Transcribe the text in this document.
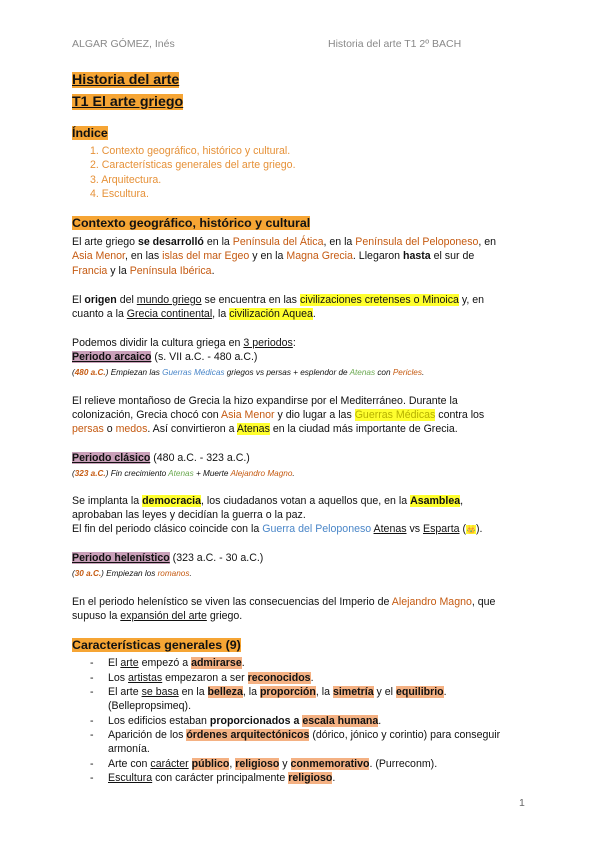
ALGAR GÓMEZ, Inés	Historia del arte T1 2º BACH
Historia del arte
T1 El arte griego
Índice
1. Contexto geográfico, histórico y cultural.
2. Características generales del arte griego.
3. Arquitectura.
4. Escultura.
Contexto geográfico, histórico y cultural
El arte griego se desarrolló en la Península del Ática, en la Península del Peloponeso, en
Asia Menor, en las islas del mar Egeo y en la Magna Grecia. Llegaron hasta el sur de
Francia y la Península Ibérica.
El origen del mundo griego se encuentra en las civilizaciones cretenses o Minoica y, en
cuanto a la Grecia continental, la civilización Aquea.
Podemos dividir la cultura griega en 3 periodos:
Periodo arcaico (s. VII a.C. - 480 a.C.)
(480 a.C.) Empiezan las Guerras Médicas griegos vs persas + esplendor de Atenas con Pericles.
El relieve montañoso de Grecia la hizo expandirse por el Mediterráneo. Durante la
colonización, Grecia chocó con Asia Menor y dio lugar a las Guerras Médicas contra los
persas o medos. Así convirtieron a Atenas en la ciudad más importante de Grecia.
Periodo clásico (480 a.C. - 323 a.C.)
(323 a.C.) Fin crecimiento Atenas + Muerte Alejandro Magno.
Se implanta la democracia, los ciudadanos votan a aquellos que, en la Asamblea,
aprobaban las leyes y decidían la guerra o la paz.
El fin del periodo clásico coincide con la Guerra del Peloponeso Atenas vs Esparta (👑).
Periodo helenístico (323 a.C. - 30 a.C.)
(30 a.C.) Empiezan los romanos.
En el periodo helenístico se viven las consecuencias del Imperio de Alejandro Magno, que
supuso la expansión del arte griego.
Características generales (9)
- El arte empezó a admirarse.
- Los artistas empezaron a ser reconocidos.
- El arte se basa en la belleza, la proporción, la simetría y el equilibrio.
(Bellepropsimeq).
- Los edificios estaban proporcionados a escala humana.
- Aparición de los órdenes arquitectónicos (dórico, jónico y corintio) para conseguir
armonía.
- Arte con carácter público, religioso y conmemorativo. (Purreconm).
- Escultura con carácter principalmente religioso.
1
